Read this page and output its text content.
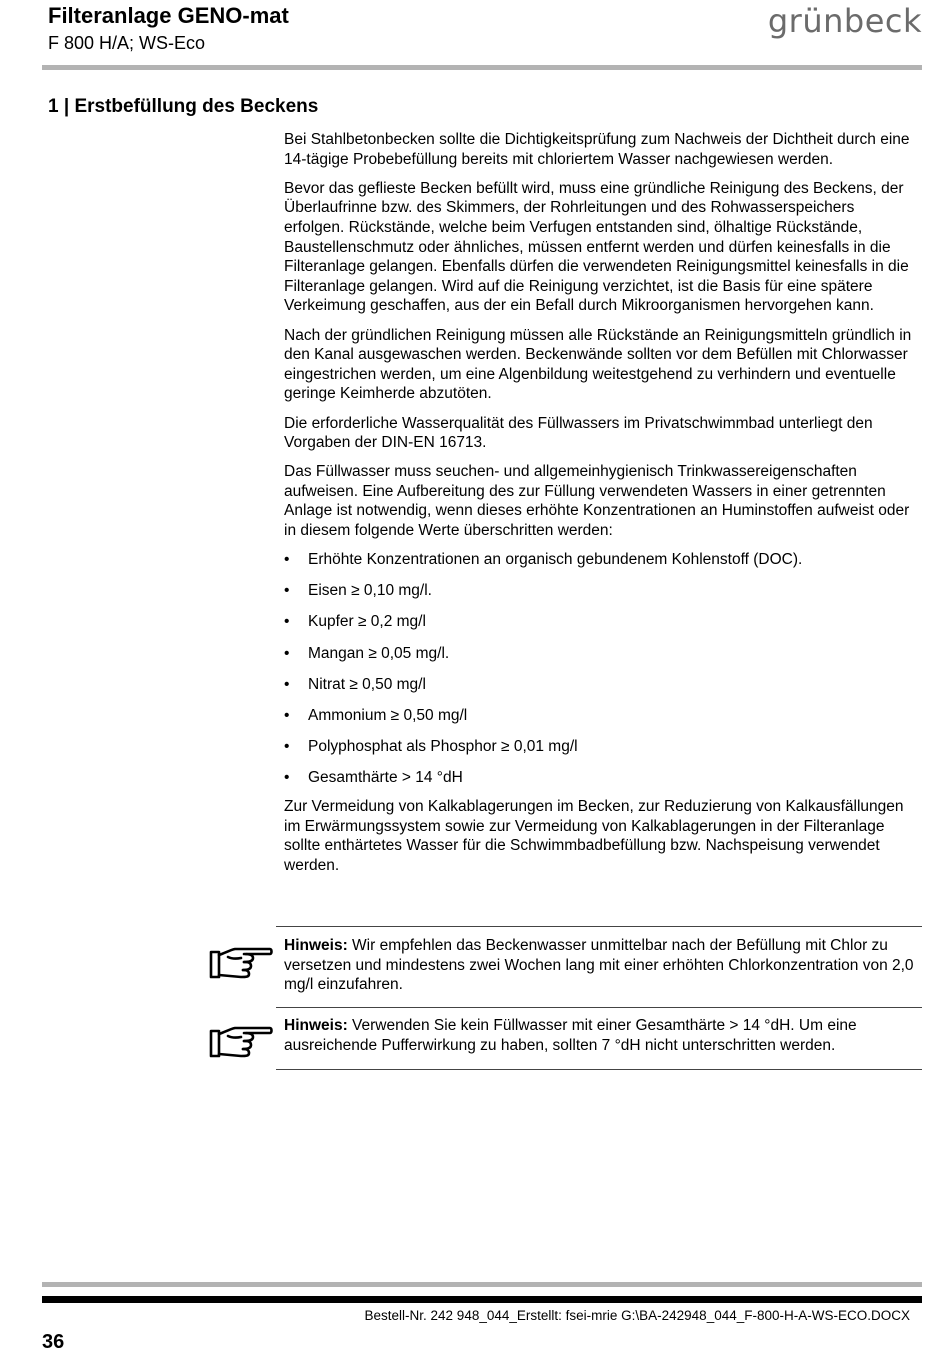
Filteranlage GENO-mat
F 800 H/A; WS-Eco
grünbeck
1 | Erstbefüllung des Beckens

Bei Stahlbetonbecken sollte die Dichtigkeitsprüfung zum Nachweis der Dichtheit durch eine 14-tägige Probebefüllung bereits mit chloriertem Wasser nachgewiesen werden.

Bevor das geflieste Becken befüllt wird, muss eine gründliche Reinigung des Beckens, der Überlaufrinne bzw. des Skimmers, der Rohrleitungen und des Rohwasserspeichers erfolgen. Rückstände, welche beim Verfugen entstanden sind, ölhaltige Rückstände, Baustellenschmutz oder ähnliches, müssen entfernt werden und dürfen keinesfalls in die Filteranlage gelangen. Ebenfalls dürfen die verwendeten Reinigungsmittel keinesfalls in die Filteranlage gelangen. Wird auf die Reinigung verzichtet, ist die Basis für eine spätere Verkeimung geschaffen, aus der ein Befall durch Mikroorganismen hervorgehen kann.

Nach der gründlichen Reinigung müssen alle Rückstände an Reinigungsmitteln gründlich in den Kanal ausgewaschen werden. Beckenwände sollten vor dem Befüllen mit Chlorwasser eingestrichen werden, um eine Algenbildung weitestgehend zu verhindern und eventuelle geringe Keimherde abzutöten.

Die erforderliche Wasserqualität des Füllwassers im Privatschwimmbad unterliegt den Vorgaben der DIN-EN 16713.

Das Füllwasser muss seuchen- und allgemeinhygienisch Trinkwassereigenschaften aufweisen. Eine Aufbereitung des zur Füllung verwendeten Wassers in einer getrennten Anlage ist notwendig, wenn dieses erhöhte Konzentrationen an Huminstoffen aufweist oder in diesem folgende Werte überschritten werden:

• Erhöhte Konzentrationen an organisch gebundenem Kohlenstoff (DOC).
• Eisen ≥ 0,10 mg/l.
• Kupfer ≥ 0,2 mg/l
• Mangan ≥ 0,05 mg/l.
• Nitrat ≥ 0,50 mg/l
• Ammonium ≥ 0,50 mg/l
• Polyphosphat als Phosphor ≥ 0,01 mg/l
• Gesamthärte > 14 °dH

Zur Vermeidung von Kalkablagerungen im Becken, zur Reduzierung von Kalkausfällungen im Erwärmungssystem sowie zur Vermeidung von Kalkablagerungen in der Filteranlage sollte enthärtetes Wasser für die Schwimmbadbefüllung bzw. Nachspeisung verwendet werden.

Hinweis: Wir empfehlen das Beckenwasser unmittelbar nach der Befüllung mit Chlor zu versetzen und mindestens zwei Wochen lang mit einer erhöhten Chlorkonzentration von 2,0 mg/l einzufahren.
Hinweis: Verwenden Sie kein Füllwasser mit einer Gesamthärte > 14 °dH. Um eine ausreichende Pufferwirkung zu haben, sollten 7 °dH nicht unterschritten werden.
Bestell-Nr. 242 948_044_Erstellt: fsei-mrie G:\BA-242948_044_F-800-H-A-WS-ECO.DOCX
36
